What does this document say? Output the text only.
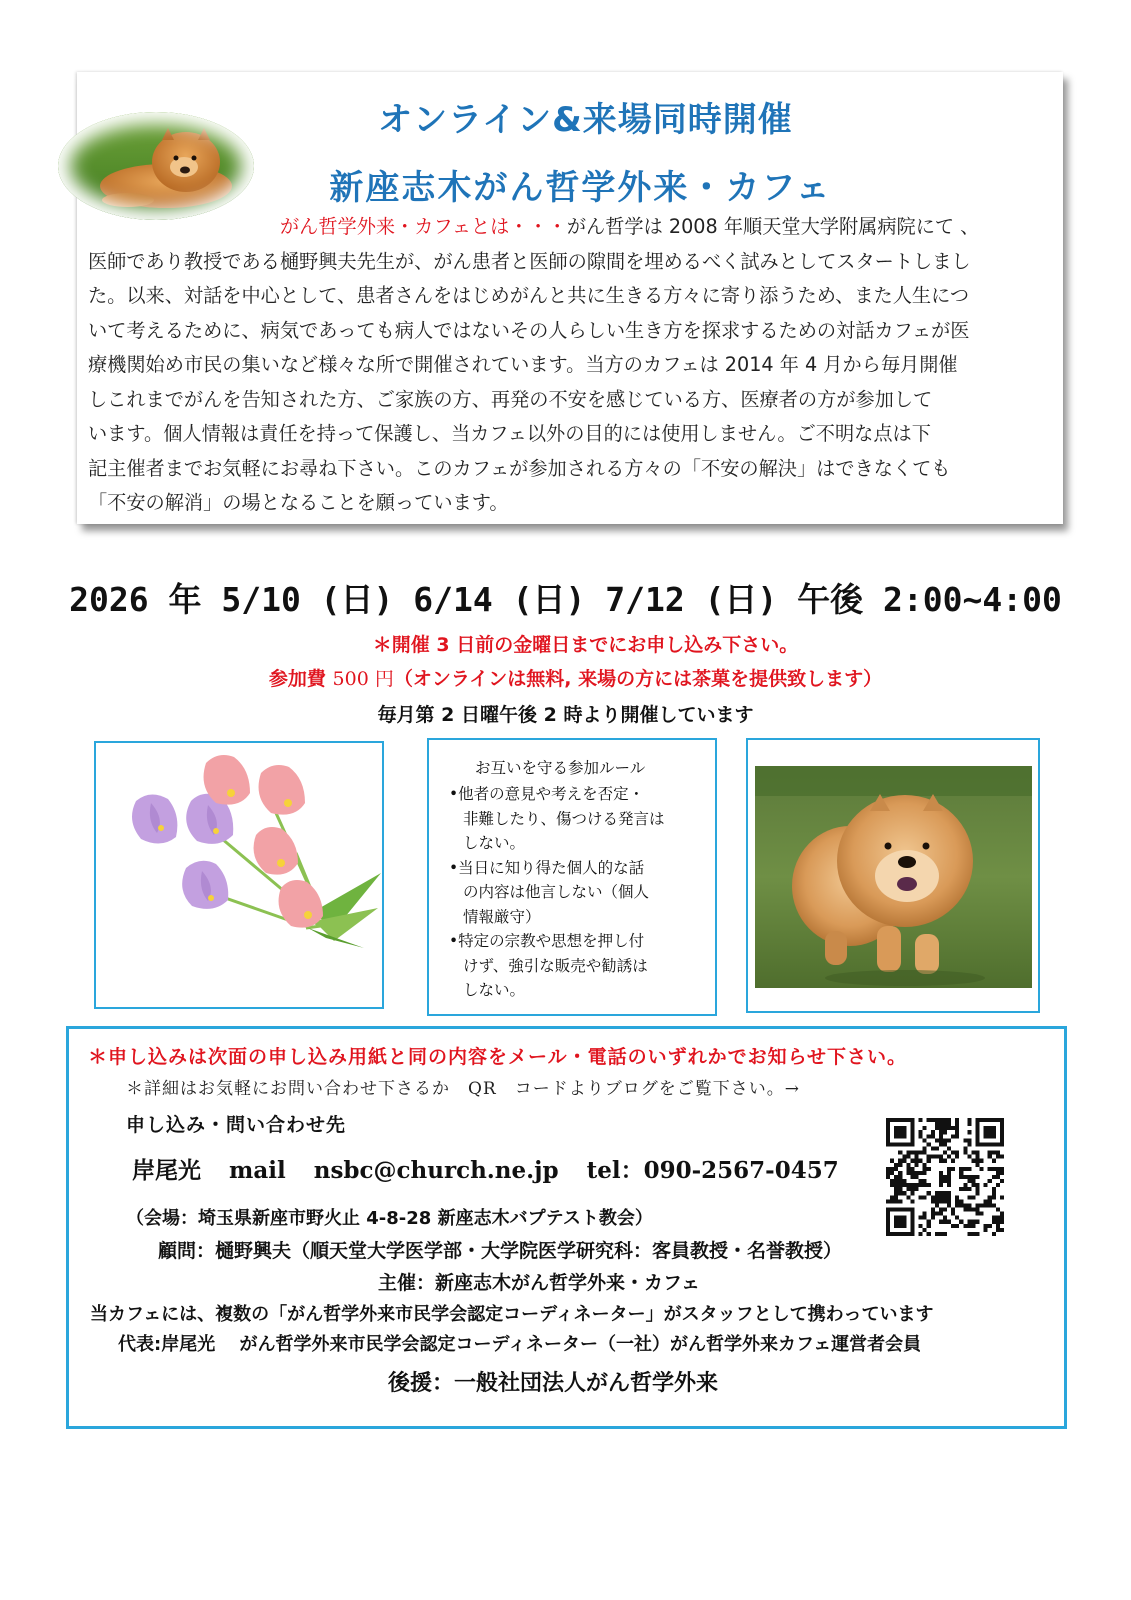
オンライン&来場同時開催
新座志木がん哲学外来・カフェ
がん哲学外来・カフェとは・・・がん哲学は 2008 年順天堂大学附属病院にて 、
医師であり教授である樋野興夫先生が、がん患者と医師の隙間を埋めるべく試みとしてスタートしまし
た。以来、対話を中心として、患者さんをはじめがんと共に生きる方々に寄り添うため、また人生につ
いて考えるために、病気であっても病人ではないその人らしい生き方を探求するための対話カフェが医
療機関始め市民の集いなど様々な所で開催されています。当方のカフェは 2014 年 4 月から毎月開催
しこれまでがんを告知された方、ご家族の方、再発の不安を感じている方、医療者の方が参加して
います。個人情報は責任を持って保護し、当カフェ以外の目的には使用しません。ご不明な点は下
記主催者までお気軽にお尋ね下さい。このカフェが参加される方々の「不安の解決」はできなくても
「不安の解消」の場となることを願っています。
2026 年 5/10 (日) 6/14 (日) 7/12 (日) 午後 2:00~4:00
＊開催 3 日前の金曜日までにお申し込み下さい。
参加費 500 円（オンラインは無料, 来場の方には茶菓を提供致します）
毎月第 2 日曜午後 2 時より開催しています
お互いを守る参加ルール
•他者の意見や考えを否定・
非難したり、傷つける発言は
しない。
•当日に知り得た個人的な話
の内容は他言しない（個人
情報厳守）
•特定の宗教や思想を押し付
けず、強引な販売や勧誘は
しない。
＊申し込みは次面の申し込み用紙と同の内容をメール・電話のいずれかでお知らせ下さい。
＊詳細はお気軽にお問い合わせ下さるか　QR　コードよりブログをご覧下さい。→
申し込み・問い合わせ先
岸尾光 mail nsbc@church.ne.jp tel：090-2567-0457
（会場：埼玉県新座市野火止 4-8-28 新座志木バプテスト教会）
顧問：樋野興夫（順天堂大学医学部・大学院医学研究科：客員教授・名誉教授）
主催：新座志木がん哲学外来・カフェ
当カフェには、複数の「がん哲学外来市民学会認定コーディネーター」がスタッフとして携わっています
代表:岸尾光　 がん哲学外来市民学会認定コーディネーター（一社）がん哲学外来カフェ運営者会員
後援：一般社団法人がん哲学外来
